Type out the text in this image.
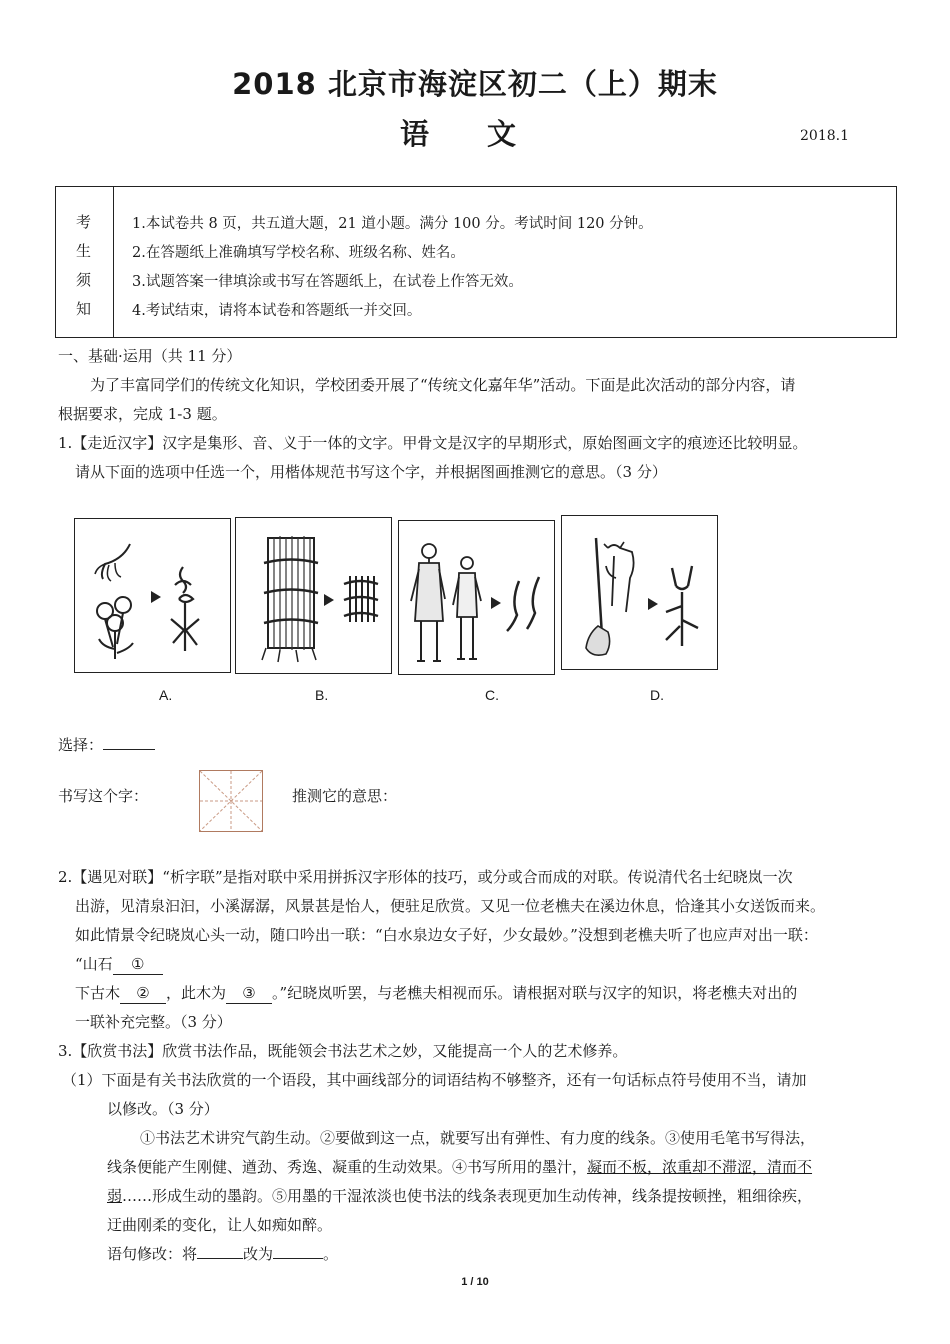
2018 北京市海淀区初二（上）期末
语文	2018.1
考
生
须
知
1.本试卷共 8 页，共五道大题，21 道小题。满分 100 分。考试时间 120 分钟。
2.在答题纸上准确填写学校名称、班级名称、姓名。
3.试题答案一律填涂或书写在答题纸上，在试卷上作答无效。
4.考试结束，请将本试卷和答题纸一并交回。
一、基础·运用（共 11 分）
为了丰富同学们的传统文化知识，学校团委开展了“传统文化嘉年华”活动。下面是此次活动的部分内容，请
根据要求，完成 1-3 题。
1.【走近汉字】汉字是集形、音、义于一体的文字。甲骨文是汉字的早期形式，原始图画文字的痕迹还比较明显。
请从下面的选项中任选一个，用楷体规范书写这个字，并根据图画推测它的意思。（3 分）
A.	B.	C.	D.
选择：
书写这个字：	推测它的意思：
2.【遇见对联】“析字联”是指对联中采用拼拆汉字形体的技巧，或分或合而成的对联。传说清代名士纪晓岚一次
出游，见清泉汩汩，小溪潺潺，风景甚是怡人，便驻足欣赏。又见一位老樵夫在溪边休息，恰逢其小女送饭而来。
如此情景令纪晓岚心头一动，随口吟出一联：“白水泉边女子好，少女最妙。”没想到老樵夫听了也应声对出一联：
“山石 ①
下古木 ② ，此木为 ③ 。”纪晓岚听罢，与老樵夫相视而乐。请根据对联与汉字的知识，将老樵夫对出的
一联补充完整。（3 分）
3.【欣赏书法】欣赏书法作品，既能领会书法艺术之妙，又能提高一个人的艺术修养。
（1）下面是有关书法欣赏的一个语段，其中画线部分的词语结构不够整齐，还有一句话标点符号使用不当，请加
以修改。（3 分）
①书法艺术讲究气韵生动。②要做到这一点，就要写出有弹性、有力度的线条。③使用毛笔书写得法，
线条便能产生刚健、遒劲、秀逸、凝重的生动效果。④书写所用的墨汁，凝而不板，浓重却不滞涩，清而不
弱……形成生动的墨韵。⑤用墨的干湿浓淡也使书法的线条表现更加生动传神，线条提按顿挫，粗细徐疾，
迂曲刚柔的变化，让人如痴如醉。
语句修改：将	改为	。
1 / 10
